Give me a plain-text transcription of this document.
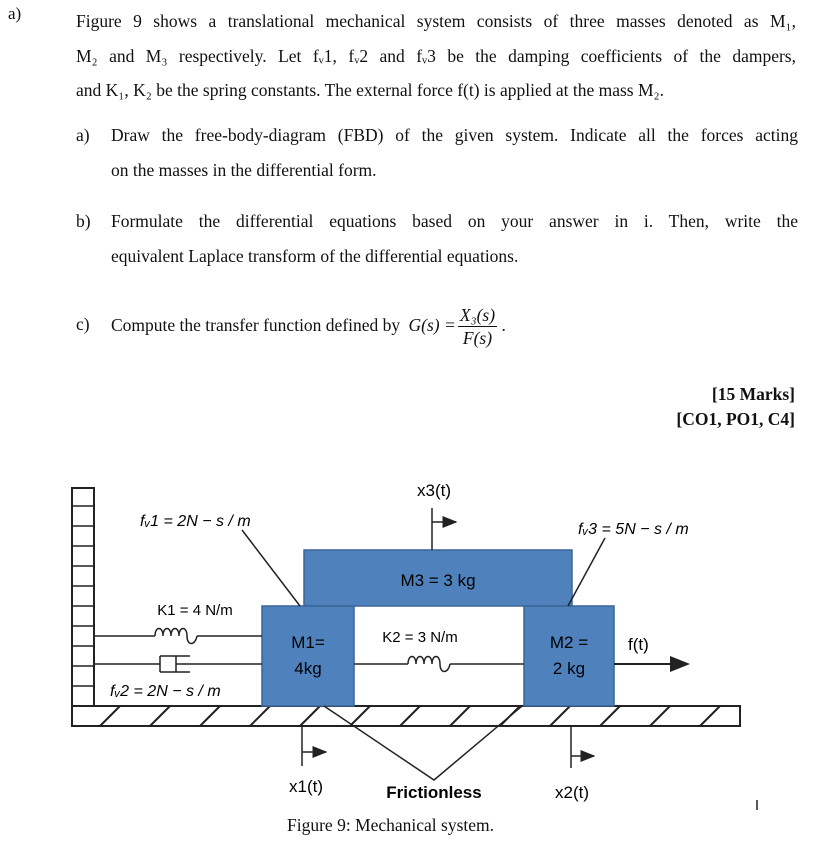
a)	Figure 9 shows a translational mechanical system consists of three masses denoted as M₁,
M₂ and M₃ respectively. Let fᵥ1, fᵥ2 and fᵥ3 be the damping coefficients of the dampers,
and K₁, K₂ be the spring constants. The external force f(t) is applied at the mass M₂.
a) Draw the free-body-diagram (FBD) of the given system. Indicate all the forces acting
on the masses in the differential form.
b) Formulate the differential equations based on your answer in i. Then, write the
equivalent Laplace transform of the differential equations.
c) Compute the transfer function defined by $G(s) = \frac{\text{X₃(s)}}{F(s)}$ .
[15 Marks]
[CO1, PO1, C4]
M3 = 3 kg
M1=
4kg
M2 =
2 kg
K1 = 4 N/m
fᵥ2 = 2N − s / m
fᵥ1 = 2N − s / m	fᵥ3 = 5N − s / m
K2 = 3 N/m	f(t)
x3(t)
x1(t)	x2(t)
Frictionless
Figure 9: Mechanical system.
